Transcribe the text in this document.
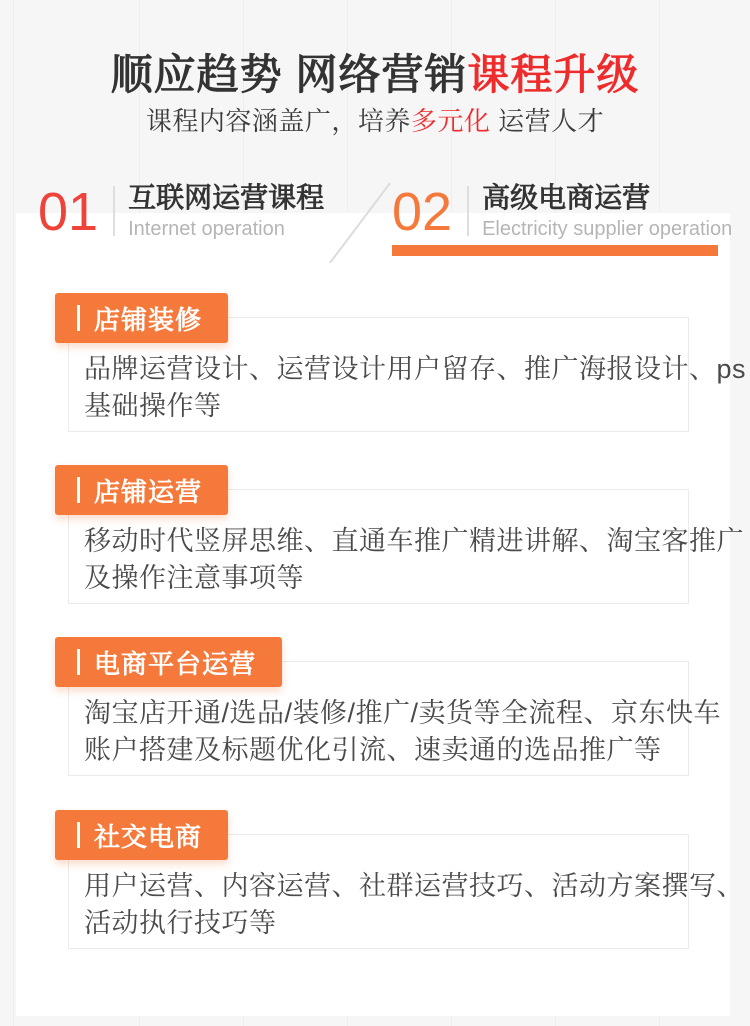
顺应趋势 网络营销课程升级
课程内容涵盖广，培养多元化 运营人才
01 互联网运营课程
Internet operation	02 高级电商运营
Electricity supplier operation
店铺装修
品牌运营设计、运营设计用户留存、推广海报设计、ps
基础操作等
店铺运营
移动时代竖屏思维、直通车推广精进讲解、淘宝客推广
及操作注意事项等
电商平台运营
淘宝店开通/选品/装修/推广/卖货等全流程、京东快车
账户搭建及标题优化引流、速卖通的选品推广等
社交电商
用户运营、内容运营、社群运营技巧、活动方案撰写、
活动执行技巧等
